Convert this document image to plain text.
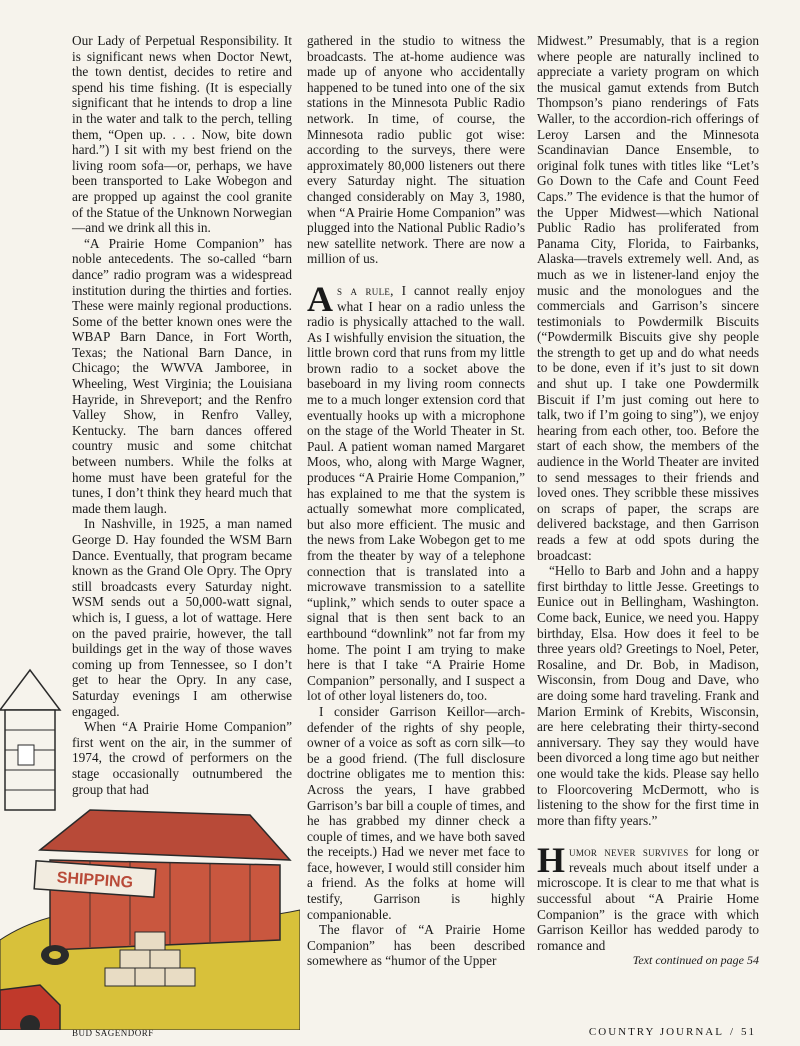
Our Lady of Perpetual Responsibility. It is significant news when Doctor Newt, the town dentist, decides to retire and spend his time fishing. (It is especially significant that he intends to drop a line in the water and talk to the perch, telling them, “Open up. . . . Now, bite down hard.”) I sit with my best friend on the living room sofa—or, perhaps, we have been transported to Lake Wobegon and are propped up against the cool granite of the Statue of the Unknown Norwegian—and we drink all this in.

“A Prairie Home Companion” has noble antecedents. The so-called “barn dance” radio program was a widespread institution during the thirties and forties. These were mainly regional productions. Some of the better known ones were the WBAP Barn Dance, in Fort Worth, Texas; the National Barn Dance, in Chicago; the WWVA Jamboree, in Wheeling, West Virginia; the Louisiana Hayride, in Shreveport; and the Renfro Valley Show, in Renfro Valley, Kentucky. The barn dances offered country music and some chitchat between numbers. While the folks at home must have been grateful for the tunes, I don’t think they heard much that made them laugh.

In Nashville, in 1925, a man named George D. Hay founded the WSM Barn Dance. Eventually, that program became known as the Grand Ole Opry. The Opry still broadcasts every Saturday night. WSM sends out a 50,000-watt signal, which is, I guess, a lot of wattage. Here on the paved prairie, however, the tall buildings get in the way of those waves coming up from Tennessee, so I don’t get to hear the Opry. In any case, Saturday evenings I am otherwise engaged.

When “A Prairie Home Companion” first went on the air, in the summer of 1974, the crowd of performers on the stage occasionally outnumbered the group that had

gathered in the studio to witness the broadcasts. The at-home audience was made up of anyone who accidentally happened to be tuned into one of the six stations in the Minnesota Public Radio network. In time, of course, the Minnesota radio public got wise: according to the surveys, there were approximately 80,000 listeners out there every Saturday night. The situation changed considerably on May 3, 1980, when “A Prairie Home Companion” was plugged into the National Public Radio’s new satellite network. There are now a million of us.

As a rule, I cannot really enjoy what I hear on a radio unless the radio is physically attached to the wall. As I wishfully envision the situation, the little brown cord that runs from my little brown radio to a socket above the baseboard in my living room connects me to a much longer extension cord that eventually hooks up with a microphone on the stage of the World Theater in St. Paul. A patient woman named Margaret Moos, who, along with Marge Wagner, produces “A Prairie Home Companion,” has explained to me that the system is actually somewhat more complicated, but also more efficient. The music and the news from Lake Wobegon get to me from the theater by way of a telephone connection that is translated into a microwave transmission to a satellite “uplink,” which sends to outer space a signal that is then sent back to an earthbound “downlink” not far from my home. The point I am trying to make here is that I take “A Prairie Home Companion” personally, and I suspect a lot of other loyal listeners do, too.

I consider Garrison Keillor—arch-defender of the rights of shy people, owner of a voice as soft as corn silk—to be a good friend. (The full disclosure doctrine obligates me to mention this: Across the years, I have grabbed Garrison’s bar bill a couple of times, and he has grabbed my dinner check a couple of times, and we have both saved the receipts.) Had we never met face to face, however, I would still consider him a friend. As the folks at home will testify, Garrison is highly companionable.

The flavor of “A Prairie Home Companion” has been described somewhere as “humor of the Upper

Midwest.” Presumably, that is a region where people are naturally inclined to appreciate a variety program on which the musical gamut extends from Butch Thompson’s piano renderings of Fats Waller, to the accordion-rich offerings of Leroy Larsen and the Minnesota Scandinavian Dance Ensemble, to original folk tunes with titles like “Let’s Go Down to the Cafe and Count Feed Caps.” The evidence is that the humor of the Upper Midwest—which National Public Radio has proliferated from Panama City, Florida, to Fairbanks, Alaska—travels extremely well. And, as much as we in listener-land enjoy the music and the monologues and the commercials and Garrison’s sincere testimonials to Powdermilk Biscuits (“Powdermilk Biscuits give shy people the strength to get up and do what needs to be done, even if it’s just to sit down and shut up. I take one Powdermilk Biscuit if I’m just coming out here to talk, two if I’m going to sing”), we enjoy hearing from each other, too. Before the start of each show, the members of the audience in the World Theater are invited to send messages to their friends and loved ones. They scribble these missives on scraps of paper, the scraps are delivered backstage, and then Garrison reads a few at odd spots during the broadcast:

“Hello to Barb and John and a happy first birthday to little Jesse. Greetings to Eunice out in Bellingham, Washington. Come back, Eunice, we need you. Happy birthday, Elsa. How does it feel to be three years old? Greetings to Noel, Peter, Rosaline, and Dr. Bob, in Madison, Wisconsin, from Doug and Dave, who are doing some hard traveling. Frank and Marion Ermink of Krebits, Wisconsin, are here celebrating their thirty-second anniversary. They say they would have been divorced a long time ago but neither one would take the kids. Please say hello to Floorcovering McDermott, who is listening to the show for the first time in more than fifty years.”

Humor never survives for long or reveals much about itself under a microscope. It is clear to me that what is successful about “A Prairie Home Companion” is the grace with which Garrison Keillor has wedded parody to romance and

Text continued on page 54

SHIPPING
BUD SAGENDORF	COUNTRY JOURNAL / 51
